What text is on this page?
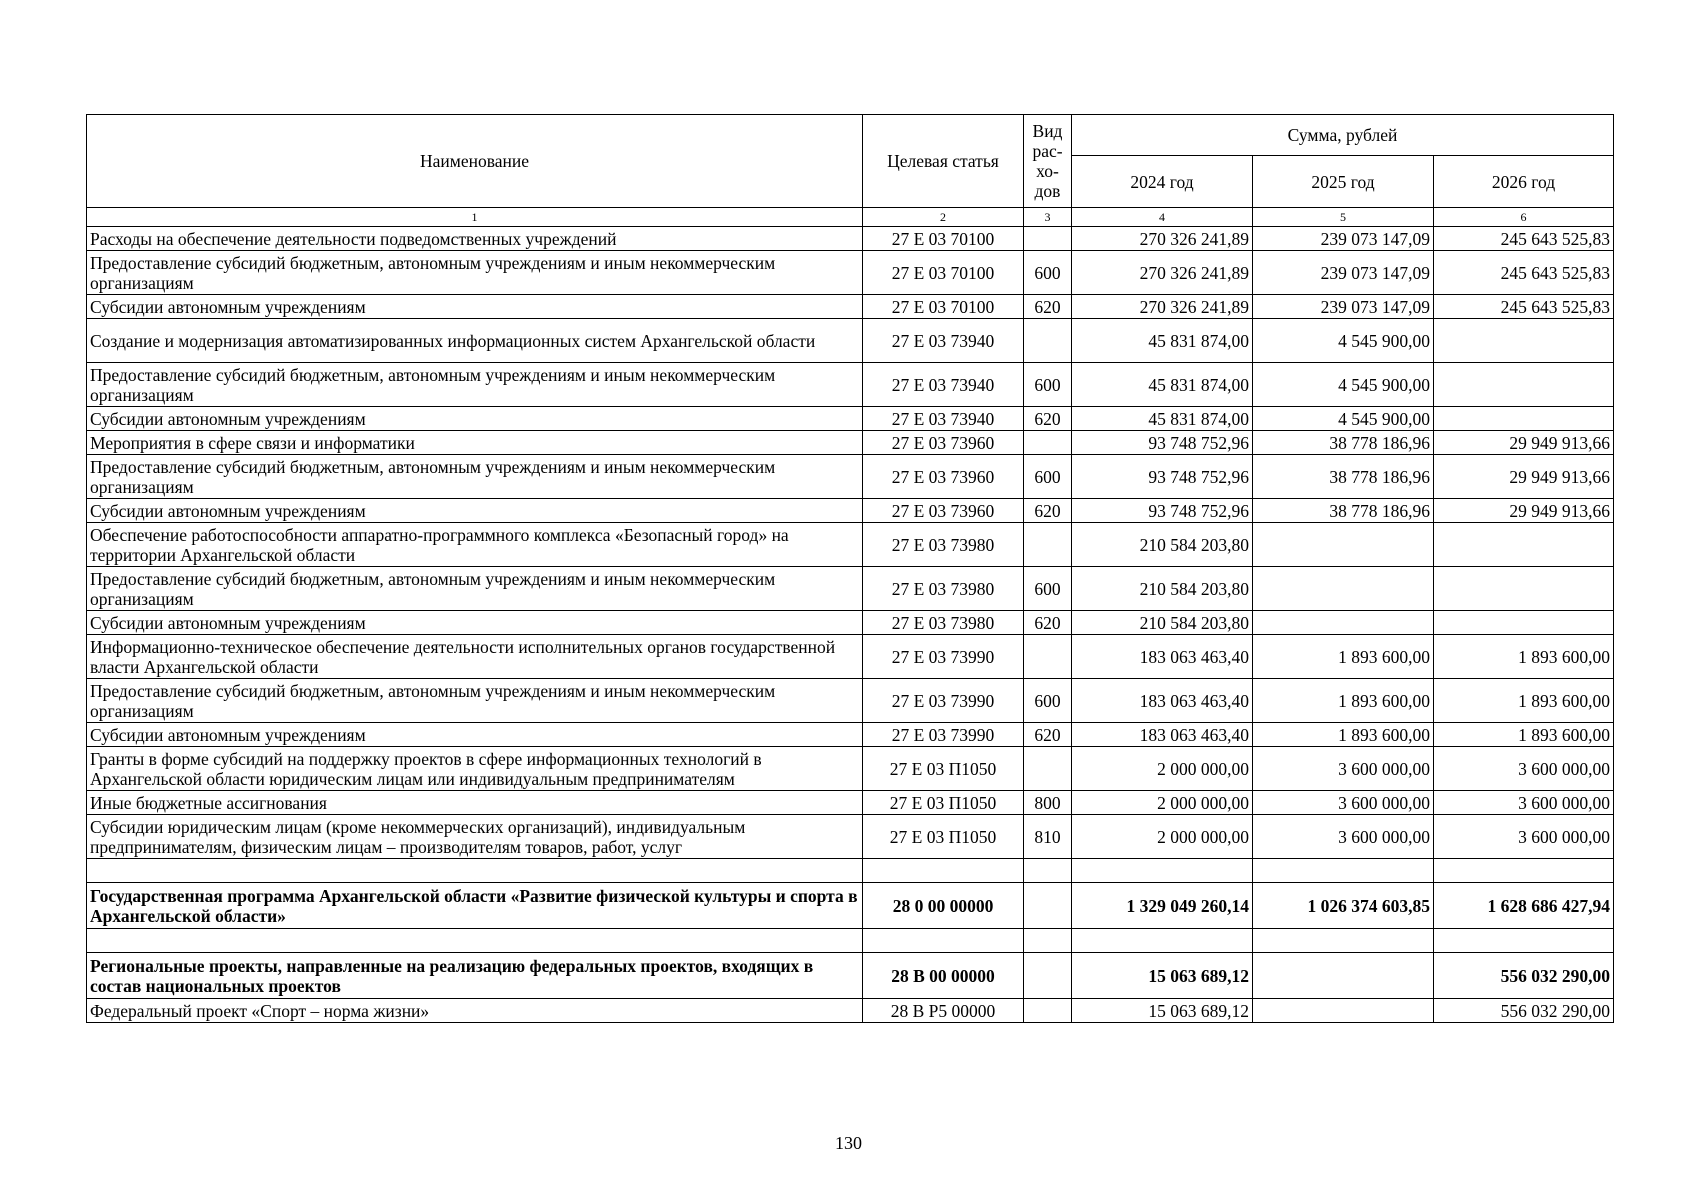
Наименование	Целевая статья	Вид рас-хо-дов	Сумма, рублей		
			2024 год	2025 год	2026 год
1	2	3	4	5	6
Расходы на обеспечение деятельности подведомственных учреждений	27 Е 03 70100		270 326 241,89	239 073 147,09	245 643 525,83
Предоставление субсидий бюджетным, автономным учреждениям и иным некоммерческим организациям	27 Е 03 70100	600	270 326 241,89	239 073 147,09	245 643 525,83
Субсидии автономным учреждениям	27 Е 03 70100	620	270 326 241,89	239 073 147,09	245 643 525,83
Создание и модернизация автоматизированных информационных систем Архангельской области	27 Е 03 73940		45 831 874,00	4 545 900,00	
Предоставление субсидий бюджетным, автономным учреждениям и иным некоммерческим организациям	27 Е 03 73940	600	45 831 874,00	4 545 900,00	
Субсидии автономным учреждениям	27 Е 03 73940	620	45 831 874,00	4 545 900,00	
Мероприятия в сфере связи и информатики	27 Е 03 73960		93 748 752,96	38 778 186,96	29 949 913,66
Предоставление субсидий бюджетным, автономным учреждениям и иным некоммерческим организациям	27 Е 03 73960	600	93 748 752,96	38 778 186,96	29 949 913,66
Субсидии автономным учреждениям	27 Е 03 73960	620	93 748 752,96	38 778 186,96	29 949 913,66
Обеспечение работоспособности аппаратно-программного комплекса «Безопасный город» на территории Архангельской области	27 Е 03 73980		210 584 203,80		
Предоставление субсидий бюджетным, автономным учреждениям и иным некоммерческим организациям	27 Е 03 73980	600	210 584 203,80		
Субсидии автономным учреждениям	27 Е 03 73980	620	210 584 203,80		
Информационно-техническое обеспечение деятельности исполнительных органов государственной власти Архангельской области	27 Е 03 73990		183 063 463,40	1 893 600,00	1 893 600,00
Предоставление субсидий бюджетным, автономным учреждениям и иным некоммерческим организациям	27 Е 03 73990	600	183 063 463,40	1 893 600,00	1 893 600,00
Субсидии автономным учреждениям	27 Е 03 73990	620	183 063 463,40	1 893 600,00	1 893 600,00
Гранты в форме субсидий на поддержку проектов в сфере информационных технологий в Архангельской области юридическим лицам или индивидуальным предпринимателям	27 Е 03 П1050		2 000 000,00	3 600 000,00	3 600 000,00
Иные бюджетные ассигнования	27 Е 03 П1050	800	2 000 000,00	3 600 000,00	3 600 000,00
Субсидии юридическим лицам (кроме некоммерческих организаций), индивидуальным предпринимателям, физическим лицам – производителям товаров, работ, услуг	27 Е 03 П1050	810	2 000 000,00	3 600 000,00	3 600 000,00

Государственная программа Архангельской области «Развитие физической культуры и спорта в Архангельской области»	28 0 00 00000		1 329 049 260,14	1 026 374 603,85	1 628 686 427,94

Региональные проекты, направленные на реализацию федеральных проектов, входящих в состав национальных проектов	28 В 00 00000		15 063 689,12		556 032 290,00
Федеральный проект «Спорт – норма жизни»	28 В Р5 00000		15 063 689,12		556 032 290,00
130
